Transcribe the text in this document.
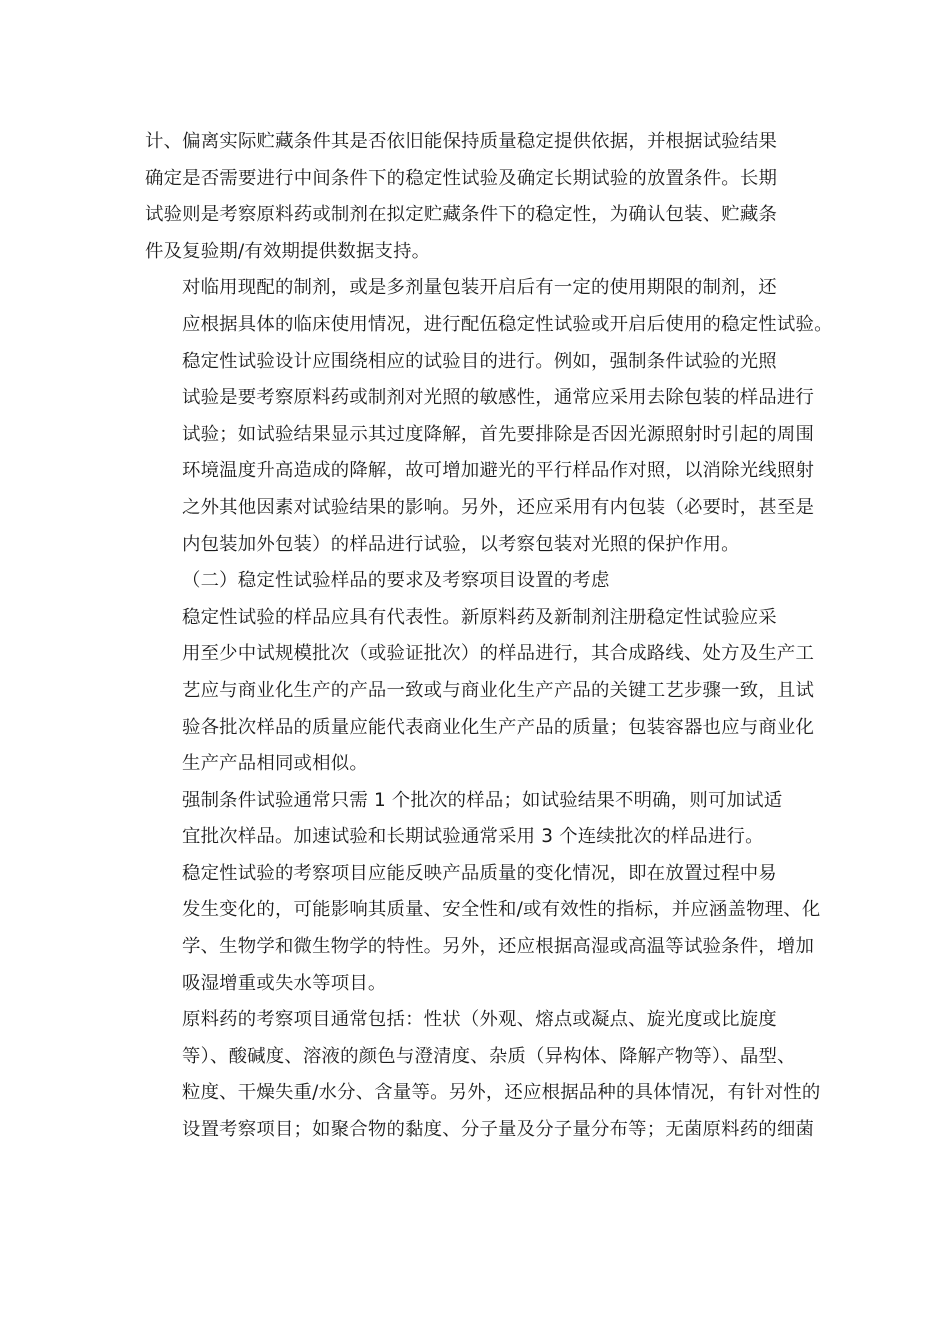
计、偏离实际贮藏条件其是否依旧能保持质量稳定提供依据，并根据试验结果
确定是否需要进行中间条件下的稳定性试验及确定长期试验的放置条件。长期
试验则是考察原料药或制剂在拟定贮藏条件下的稳定性，为确认包装、贮藏条
件及复验期/有效期提供数据支持。

对临用现配的制剂，或是多剂量包装开启后有一定的使用期限的制剂，还
应根据具体的临床使用情况，进行配伍稳定性试验或开启后使用的稳定性试验。

稳定性试验设计应围绕相应的试验目的进行。例如，强制条件试验的光照
试验是要考察原料药或制剂对光照的敏感性，通常应采用去除包装的样品进行
试验；如试验结果显示其过度降解，首先要排除是否因光源照射时引起的周围
环境温度升高造成的降解，故可增加避光的平行样品作对照，以消除光线照射
之外其他因素对试验结果的影响。另外，还应采用有内包装（必要时，甚至是
内包装加外包装）的样品进行试验，以考察包装对光照的保护作用。

（二）稳定性试验样品的要求及考察项目设置的考虑

稳定性试验的样品应具有代表性。新原料药及新制剂注册稳定性试验应采
用至少中试规模批次（或验证批次）的样品进行，其合成路线、处方及生产工
艺应与商业化生产的产品一致或与商业化生产产品的关键工艺步骤一致，且试
验各批次样品的质量应能代表商业化生产产品的质量；包装容器也应与商业化
生产产品相同或相似。

强制条件试验通常只需 1 个批次的样品；如试验结果不明确，则可加试适
宜批次样品。加速试验和长期试验通常采用 3 个连续批次的样品进行。

稳定性试验的考察项目应能反映产品质量的变化情况，即在放置过程中易
发生变化的，可能影响其质量、安全性和/或有效性的指标，并应涵盖物理、化
学、生物学和微生物学的特性。另外，还应根据高湿或高温等试验条件，增加
吸湿增重或失水等项目。

原料药的考察项目通常包括：性状（外观、熔点或凝点、旋光度或比旋度
等）、酸碱度、溶液的颜色与澄清度、杂质（异构体、降解产物等）、晶型、
粒度、干燥失重/水分、含量等。另外，还应根据品种的具体情况，有针对性的
设置考察项目；如聚合物的黏度、分子量及分子量分布等；无菌原料药的细菌
